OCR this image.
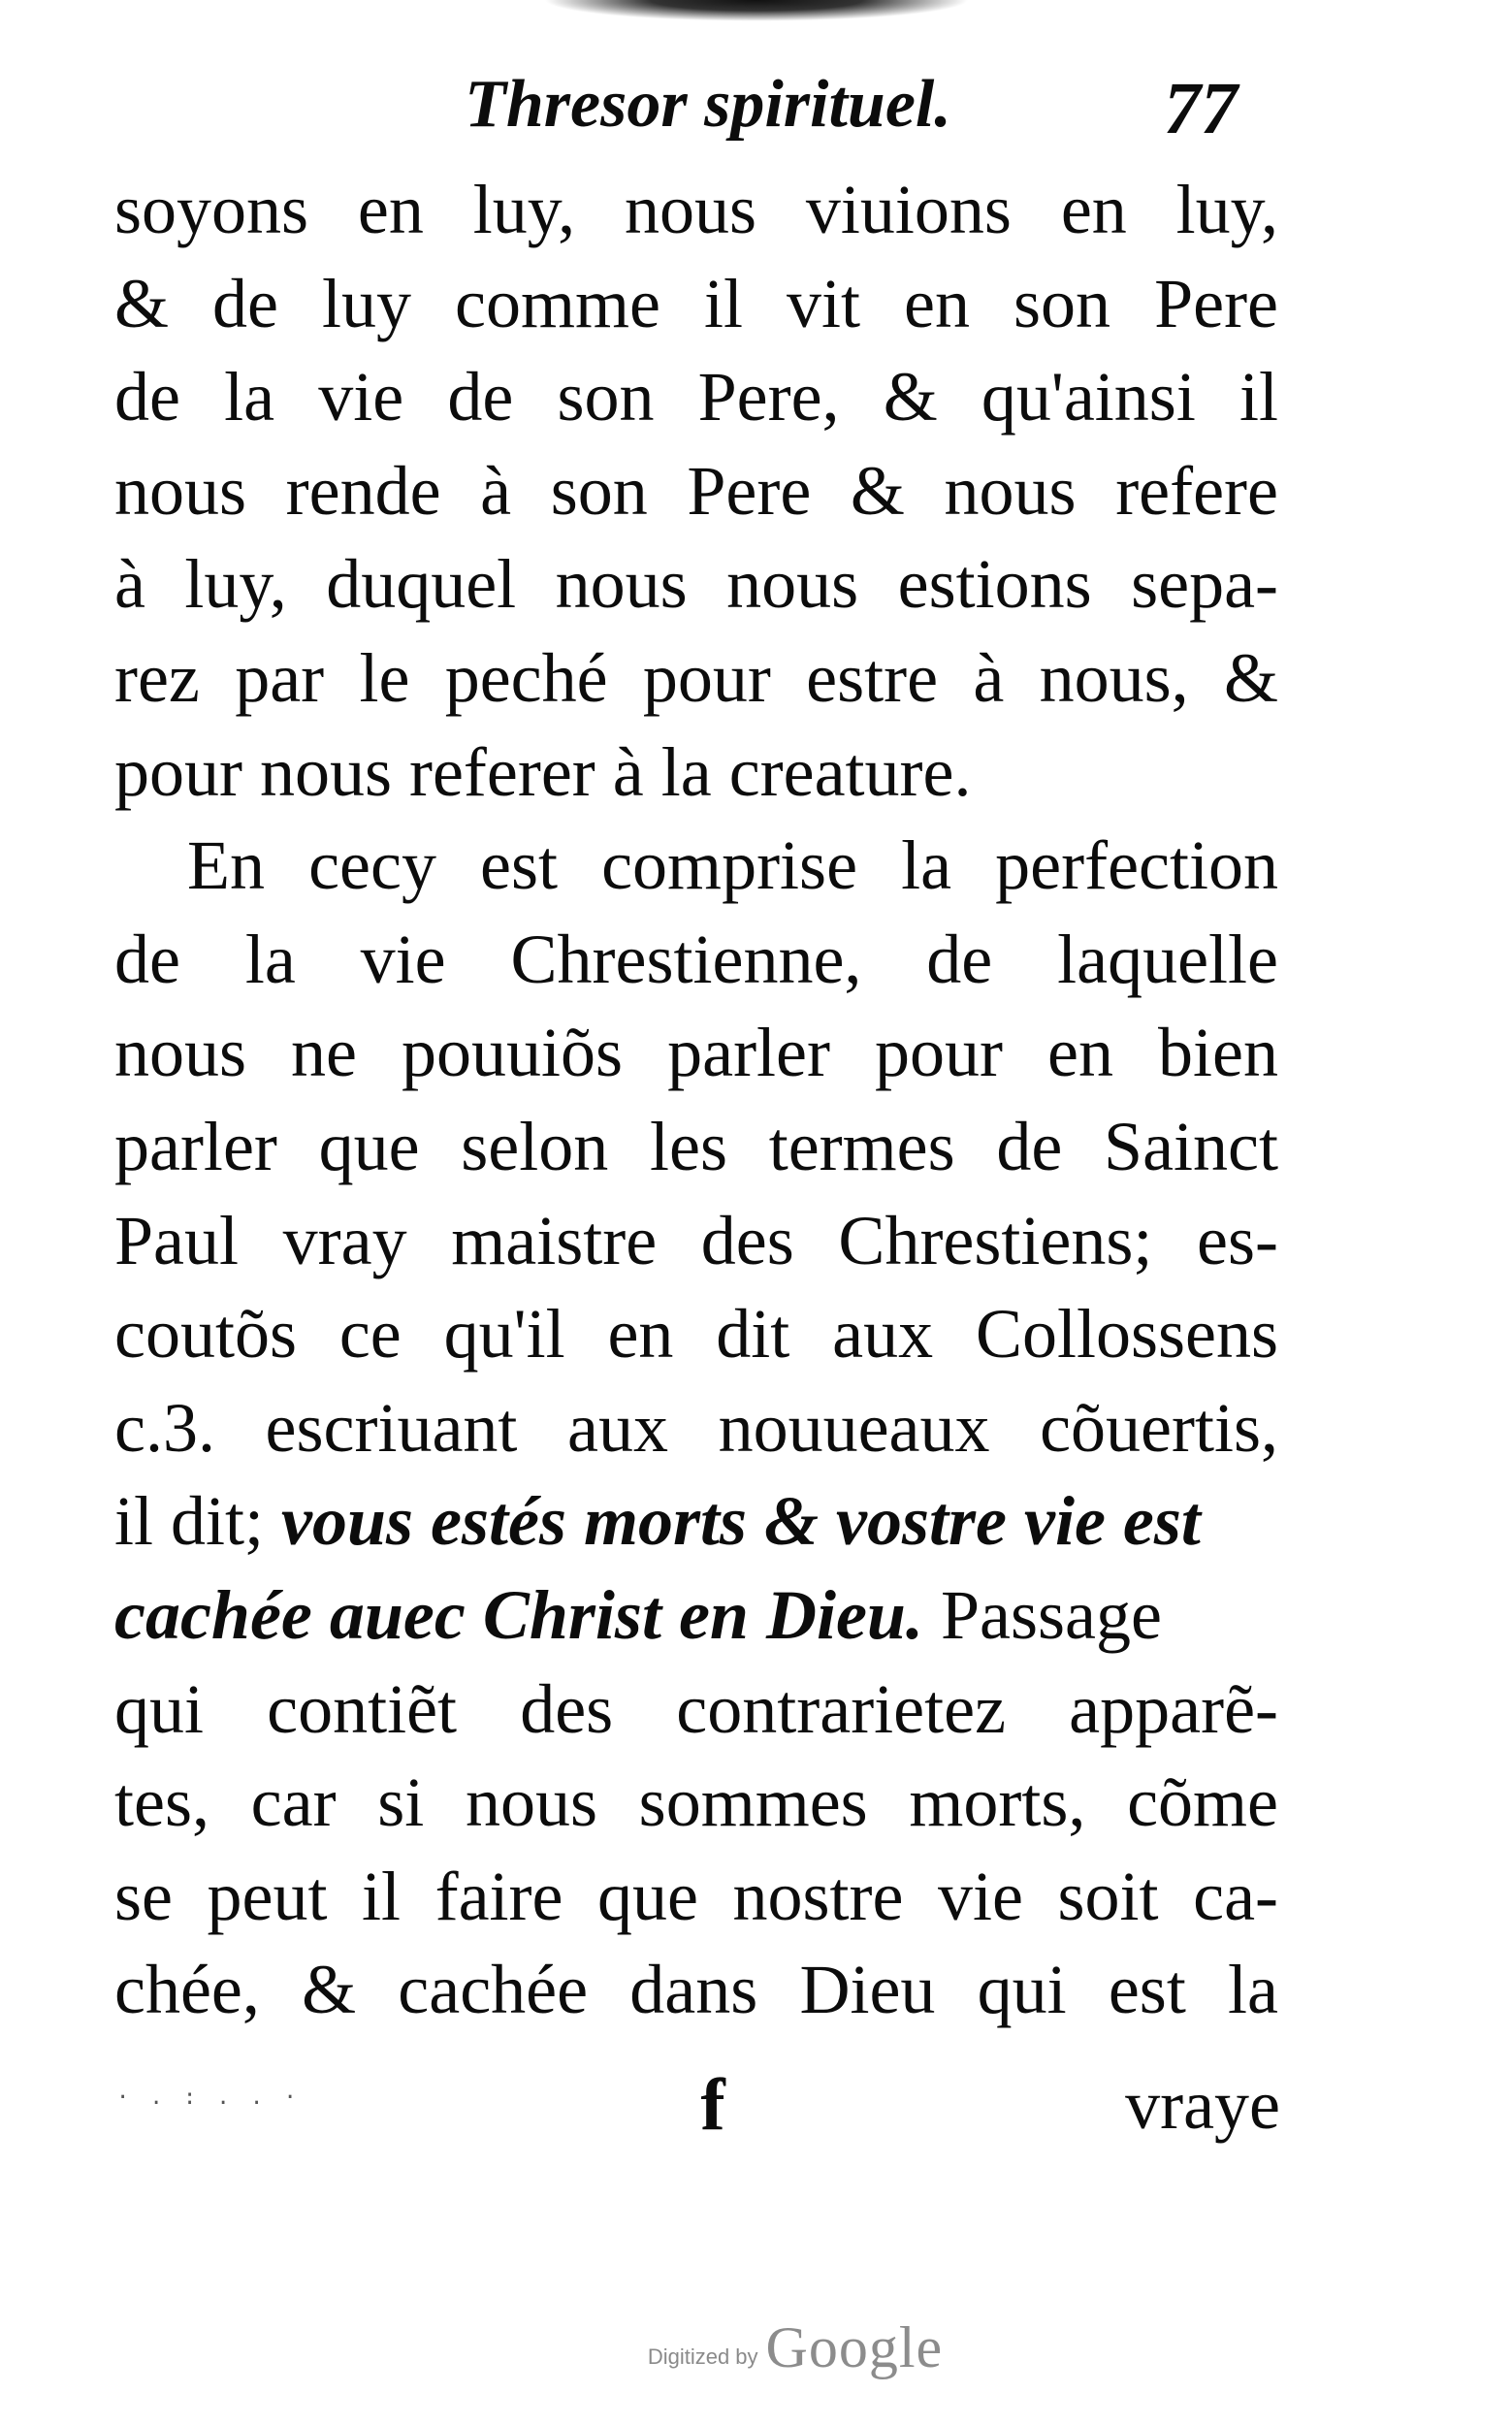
Thresor spirituel.	77
soyons en luy, nous viuions en luy,
& de luy comme il vit en son Pere
de la vie de son Pere, & qu'ainsi il
nous rende à son Pere & nous refere
à luy, duquel nous nous estions sepa-
rez par le peché pour estre à nous, &
pour nous referer à la creature.
En cecy est comprise la perfection
de la vie Chrestienne, de laquelle
nous ne pouuiõs parler pour en bien
parler que selon les termes de Sainct
Paul vray maistre des Chrestiens; es-
coutõs ce qu'il en dit aux Collossens
c.3. escriuant aux nouueaux cõuertis,
il dit; vous estés morts & vostre vie est
cachée auec Christ en Dieu. Passage
qui contiẽt des contrarietez apparẽ-
tes, car si nous sommes morts, cõme
se peut il faire que nostre vie soit ca-
chée, & cachée dans Dieu qui est la
· . : . . ·	f	vraye
Digitized by Google
